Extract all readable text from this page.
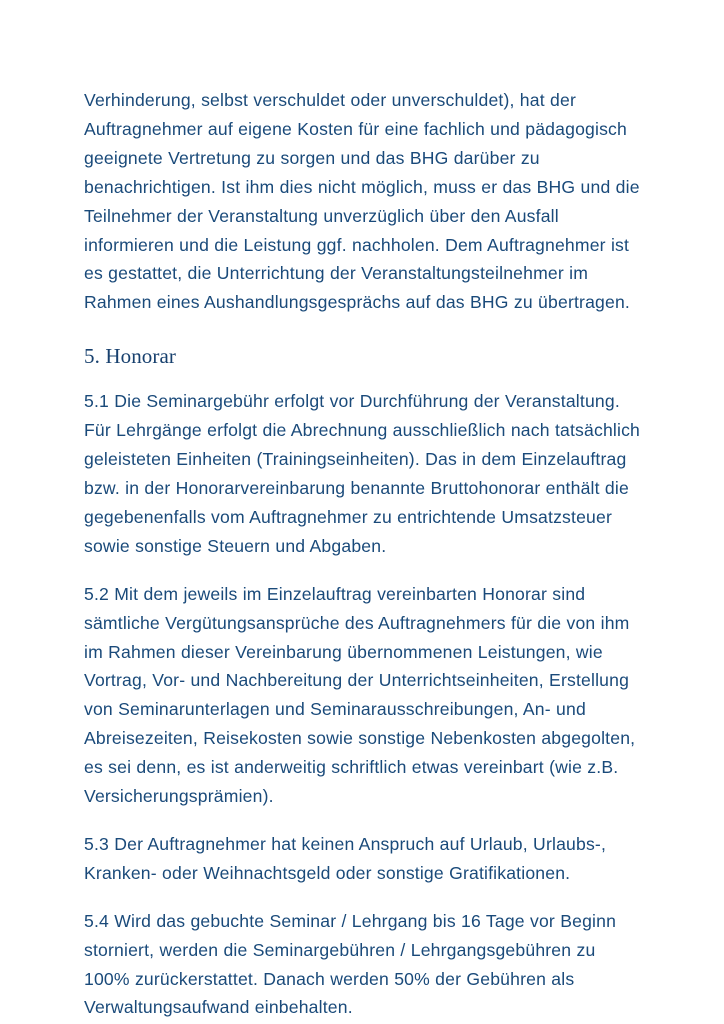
Verhinderung, selbst verschuldet oder unverschuldet), hat der Auftragnehmer auf eigene Kosten für eine fachlich und pädagogisch geeignete Vertretung zu sorgen und das BHG darüber zu benachrichtigen. Ist ihm dies nicht möglich, muss er das BHG und die Teilnehmer der Veranstaltung unverzüglich über den Ausfall informieren und die Leistung ggf. nachholen. Dem Auftragnehmer ist es gestattet, die Unterrichtung der Veranstaltungsteilnehmer im Rahmen eines Aushandlungsgesprächs auf das BHG zu übertragen.

5. Honorar

5.1 Die Seminargebühr erfolgt vor Durchführung der Veranstaltung. Für Lehrgänge erfolgt die Abrechnung ausschließlich nach tatsächlich geleisteten Einheiten (Trainingseinheiten). Das in dem Einzelauftrag bzw. in der Honorarvereinbarung benannte Bruttohonorar enthält die gegebenenfalls vom Auftragnehmer zu entrichtende Umsatzsteuer sowie sonstige Steuern und Abgaben.

5.2 Mit dem jeweils im Einzelauftrag vereinbarten Honorar sind sämtliche Vergütungsansprüche des Auftragnehmers für die von ihm im Rahmen dieser Vereinbarung übernommenen Leistungen, wie Vortrag, Vor- und Nachbereitung der Unterrichtseinheiten, Erstellung von Seminarunterlagen und Seminarausschreibungen, An- und Abreisezeiten, Reisekosten sowie sonstige Nebenkosten abgegolten, es sei denn, es ist anderweitig schriftlich etwas vereinbart (wie z.B. Versicherungsprämien).

5.3 Der Auftragnehmer hat keinen Anspruch auf Urlaub, Urlaubs-, Kranken- oder Weihnachtsgeld oder sonstige Gratifikationen.

5.4 Wird das gebuchte Seminar / Lehrgang bis 16 Tage vor Beginn storniert, werden die Seminargebühren / Lehrgangsgebühren zu 100% zurückerstattet. Danach werden 50% der Gebühren als Verwaltungsaufwand einbehalten.
